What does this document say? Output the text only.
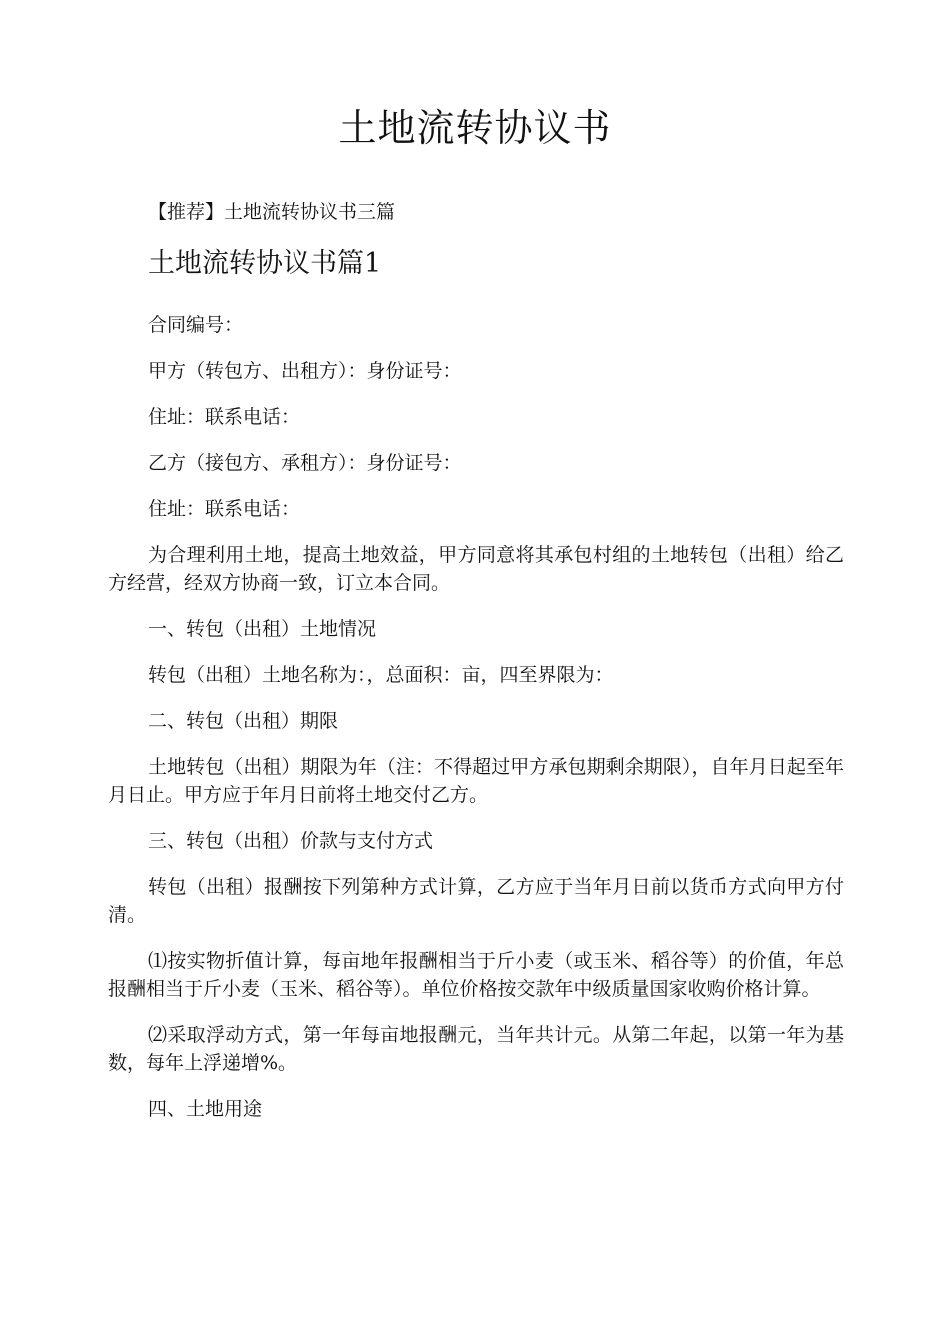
土地流转协议书

【推荐】土地流转协议书三篇

土地流转协议书篇1

合同编号：

甲方（转包方、出租方）：身份证号：

住址：联系电话：

乙方（接包方、承租方）：身份证号：

住址：联系电话：

为合理利用土地，提高土地效益，甲方同意将其承包村组的土地转包（出租）给乙方经营，经双方协商一致，订立本合同。

一、转包（出租）土地情况

转包（出租）土地名称为：，总面积：亩，四至界限为：

二、转包（出租）期限

土地转包（出租）期限为年（注：不得超过甲方承包期剩余期限），自年月日起至年月日止。甲方应于年月日前将土地交付乙方。

三、转包（出租）价款与支付方式

转包（出租）报酬按下列第种方式计算，乙方应于当年月日前以货币方式向甲方付清。

⑴按实物折值计算，每亩地年报酬相当于斤小麦（或玉米、稻谷等）的价值，年总报酬相当于斤小麦（玉米、稻谷等）。单位价格按交款年中级质量国家收购价格计算。

⑵采取浮动方式，第一年每亩地报酬元，当年共计元。从第二年起，以第一年为基数，每年上浮递增%。

四、土地用途
